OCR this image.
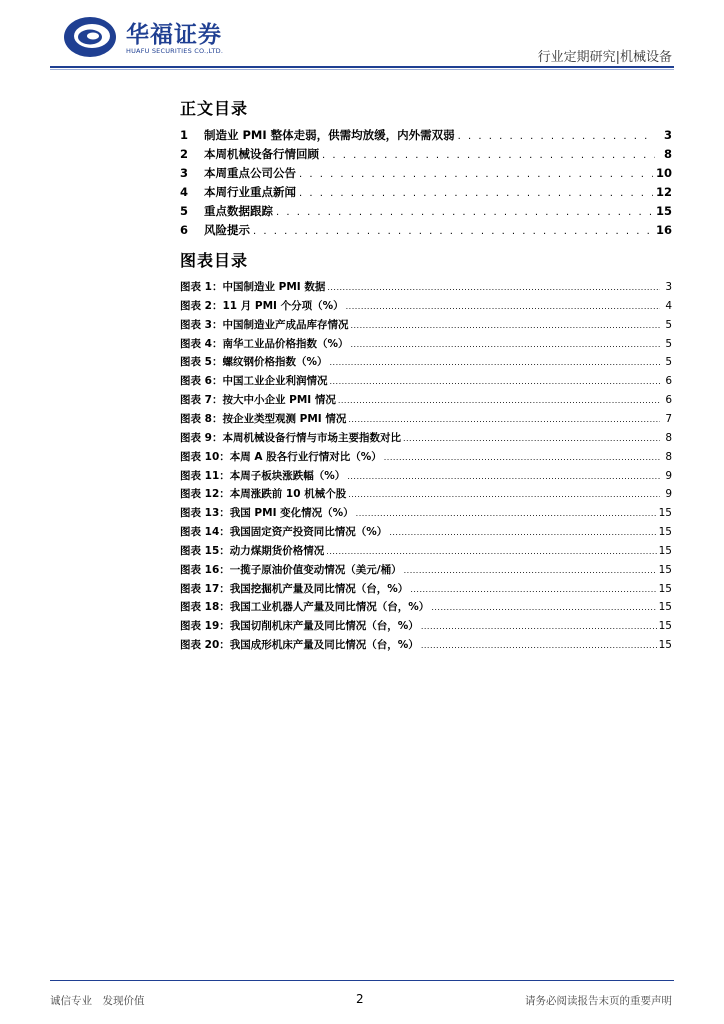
华福证券
HUAFU SECURITIES CO.,LTD.	行业定期研究|机械设备
正文目录
1	制造业 PMI 整体走弱，供需均放缓，内外需双弱 . . .	3
2	本周机械设备行情回顾 . . .	8
3	本周重点公司公告 . . .	10
4	本周行业重点新闻 . . .	12
5	重点数据跟踪 . . .	15
6	风险提示 . . .	16
图表目录
图表 1： 中国制造业 PMI 数据 .....	3
图表 2： 11 月 PMI 个分项（%） .....	4
图表 3： 中国制造业产成品库存情况 .....	5
图表 4： 南华工业品价格指数（%） .....	5
图表 5： 螺纹钢价格指数（%） .....	5
图表 6： 中国工业企业利润情况 .....	6
图表 7： 按大中小企业 PMI 情况 .....	6
图表 8： 按企业类型观测 PMI 情况 .....	7
图表 9： 本周机械设备行情与市场主要指数对比 .....	8
图表 10： 本周 A 股各行业行情对比（%） .....	8
图表 11： 本周子板块涨跌幅（%） .....	9
图表 12： 本周涨跌前 10 机械个股 .....	9
图表 13： 我国 PMI 变化情况（%） .....	15
图表 14： 我国固定资产投资同比情况（%） .....	15
图表 15： 动力煤期货价格情况 .....	15
图表 16： 一揽子原油价值变动情况（美元/桶） .....	15
图表 17： 我国挖掘机产量及同比情况（台，%） .....	15
图表 18： 我国工业机器人产量及同比情况（台，%） .....	15
图表 19： 我国切削机床产量及同比情况（台，%） .....	15
图表 20： 我国成形机床产量及同比情况（台，%） .....	15
诚信专业　发现价值	2	请务必阅读报告末页的重要声明
